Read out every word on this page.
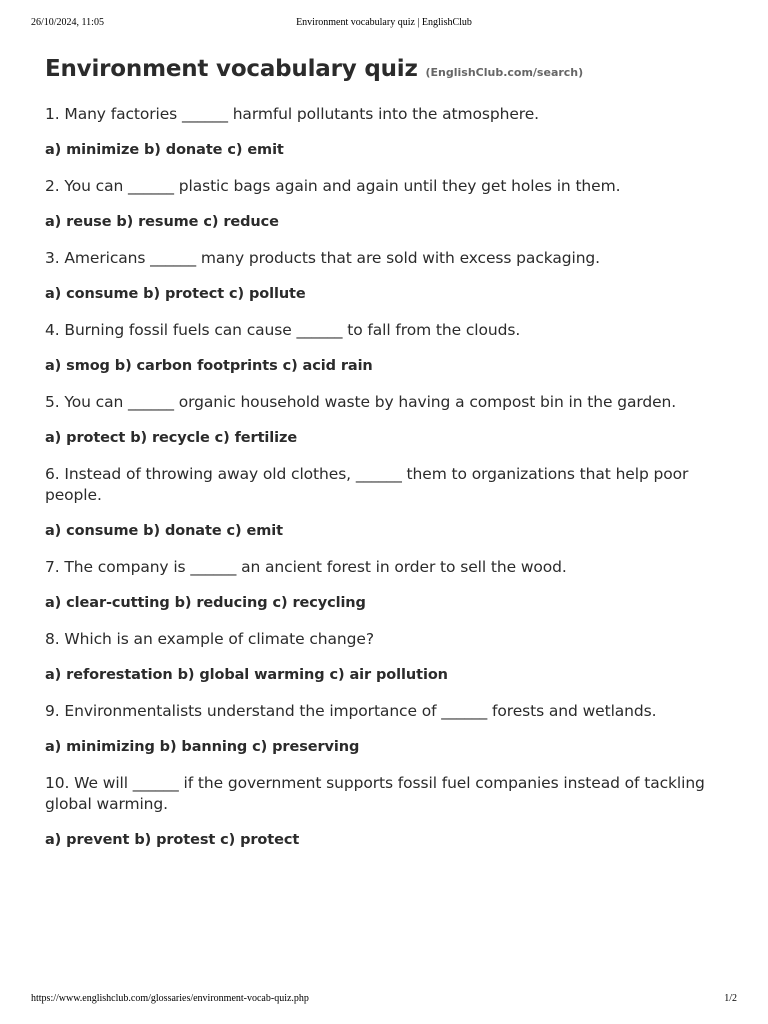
26/10/2024, 11:05	Environment vocabulary quiz | EnglishClub
Environment vocabulary quiz (EnglishClub.com/search)

1. Many factories ______ harmful pollutants into the atmosphere.

a) minimize b) donate c) emit

2. You can ______ plastic bags again and again until they get holes in them.

a) reuse b) resume c) reduce

3. Americans ______ many products that are sold with excess packaging.

a) consume b) protect c) pollute

4. Burning fossil fuels can cause ______ to fall from the clouds.

a) smog b) carbon footprints c) acid rain

5. You can ______ organic household waste by having a compost bin in the garden.

a) protect b) recycle c) fertilize

6. Instead of throwing away old clothes, ______ them to organizations that help poor people.

a) consume b) donate c) emit

7. The company is ______ an ancient forest in order to sell the wood.

a) clear-cutting b) reducing c) recycling

8. Which is an example of climate change?

a) reforestation b) global warming c) air pollution

9. Environmentalists understand the importance of ______ forests and wetlands.

a) minimizing b) banning c) preserving

10. We will ______ if the government supports fossil fuel companies instead of tackling global warming.

a) prevent b) protest c) protect

https://www.englishclub.com/glossaries/environment-vocab-quiz.php	1/2
